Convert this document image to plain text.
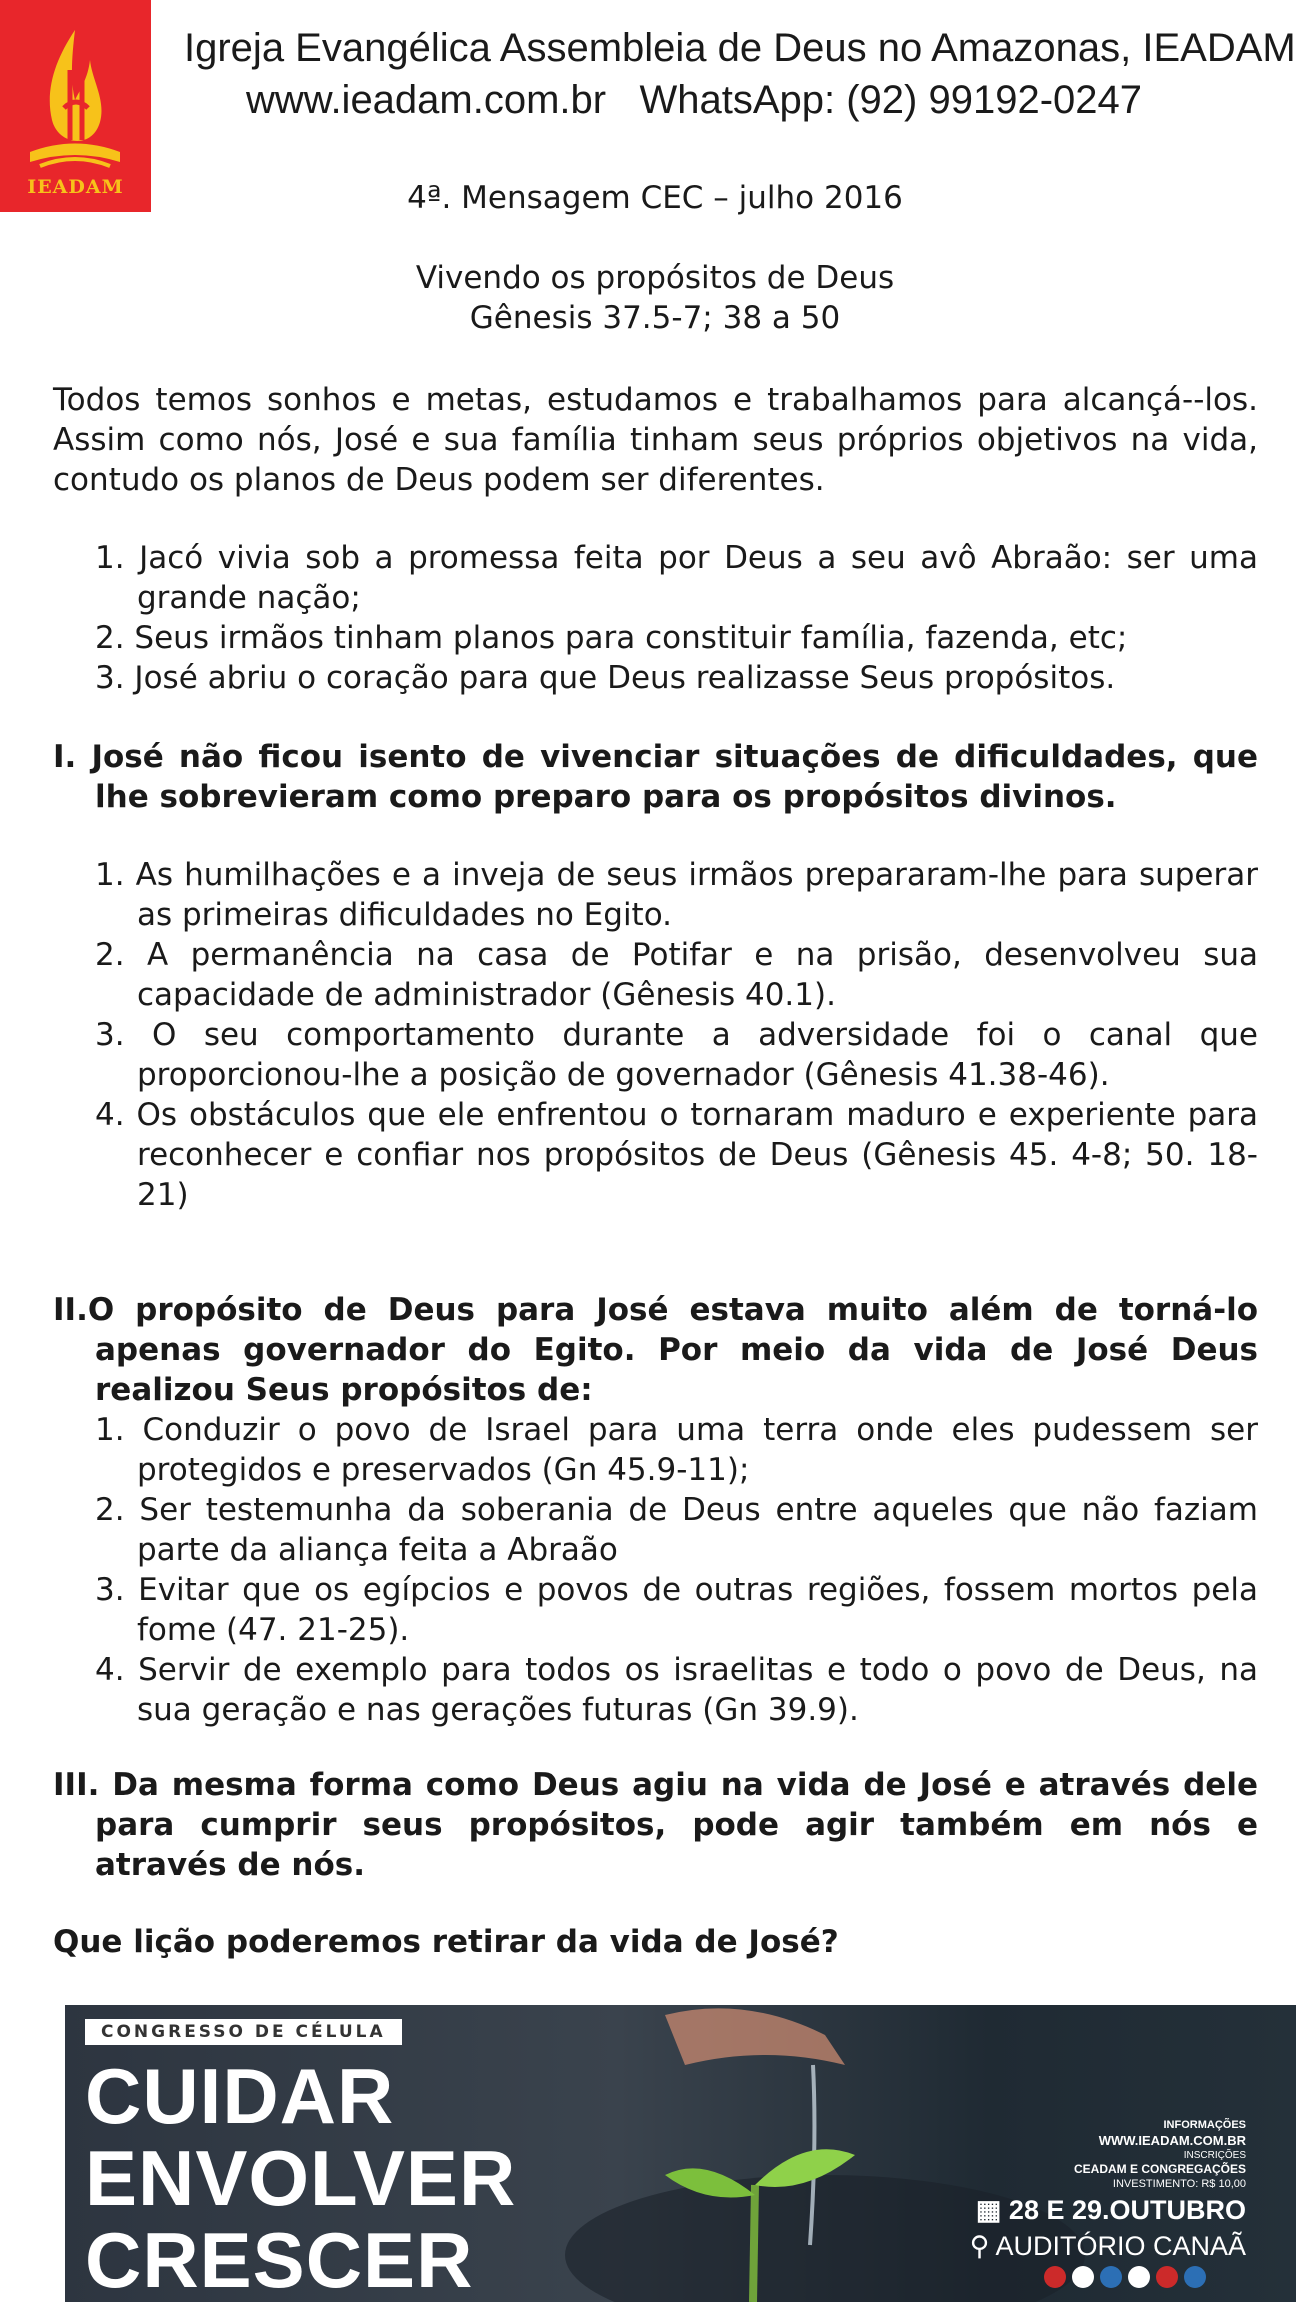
IEADAM
Igreja Evangélica Assembleia de Deus no Amazonas, IEADAM
www.ieadam.com.br WhatsApp: (92) 99192-0247
4ª. Mensagem CEC – julho 2016
Vivendo os propósitos de Deus
Gênesis 37.5-7; 38 a 50

Todos temos sonhos e metas, estudamos e trabalhamos para alcançá--los. Assim como nós, José e sua família tinham seus próprios objetivos na vida, contudo os planos de Deus podem ser diferentes.

1. Jacó vivia sob a promessa feita por Deus a seu avô Abraão: ser uma grande nação;
2. Seus irmãos tinham planos para constituir família, fazenda, etc;
3. José abriu o coração para que Deus realizasse Seus propósitos.

I. José não ficou isento de vivenciar situações de dificuldades, que lhe sobrevieram como preparo para os propósitos divinos.

1. As humilhações e a inveja de seus irmãos prepararam-lhe para superar as primeiras dificuldades no Egito.
2. A permanência na casa de Potifar e na prisão, desenvolveu sua capacidade de administrador (Gênesis 40.1).
3. O seu comportamento durante a adversidade foi o canal que proporcionou-lhe a posição de governador (Gênesis 41.38-46).
4. Os obstáculos que ele enfrentou o tornaram maduro e experiente para reconhecer e confiar nos propósitos de Deus (Gênesis 45. 4-8; 50. 18-21)

II.O propósito de Deus para José estava muito além de torná-lo apenas governador do Egito. Por meio da vida de José Deus realizou Seus propósitos de:

1. Conduzir o povo de Israel para uma terra onde eles pudessem ser protegidos e preservados (Gn 45.9-11);
2. Ser testemunha da soberania de Deus entre aqueles que não faziam parte da aliança feita a Abraão
3. Evitar que os egípcios e povos de outras regiões, fossem mortos pela fome (47. 21-25).
4. Servir de exemplo para todos os israelitas e todo o povo de Deus, na sua geração e nas gerações futuras (Gn 39.9).

III. Da mesma forma como Deus agiu na vida de José e através dele para cumprir seus propósitos, pode agir também em nós e através de nós.

Que lição poderemos retirar da vida de José?

CONGRESSO DE CÉLULA
CUIDAR
ENVOLVER
CRESCER
INFORMAÇÕES
WWW.IEADAM.COM.BR
INSCRIÇÕES
CEADAM E CONGREGAÇÕES
INVESTIMENTO: R$ 10,00
▦ 28 E 29.OUTUBRO
⚲ AUDITÓRIO CANAÃ
